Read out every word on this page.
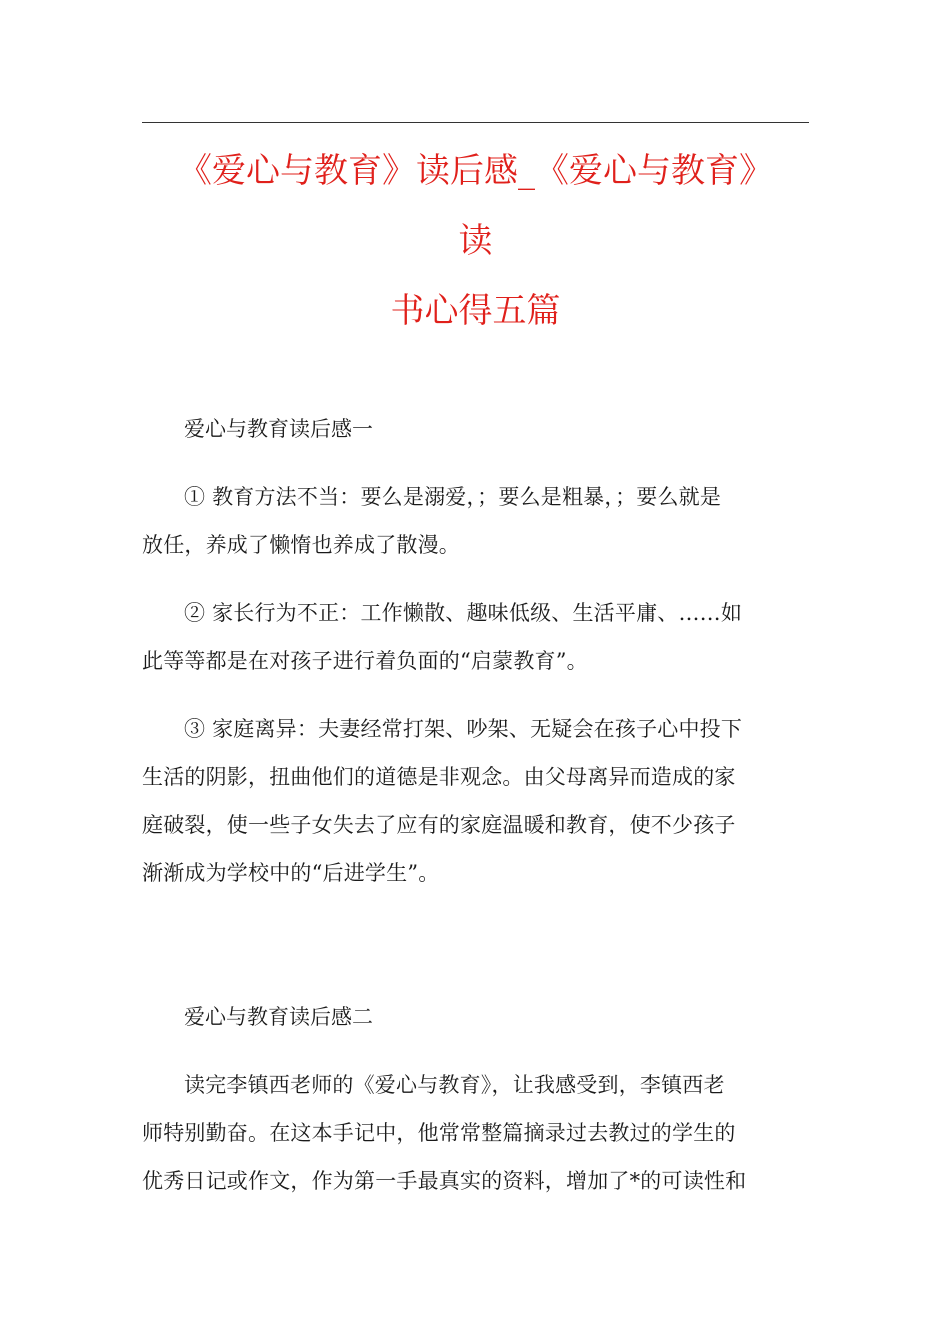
《爱心与教育》读后感_《爱心与教育》
读
书心得五篇

爱心与教育读后感一

① 教育方法不当：要么是溺爱，；要么是粗暴，；要么就是
放任，养成了懒惰也养成了散漫。

② 家长行为不正：工作懒散、趣味低级、生活平庸、……如
此等等都是在对孩子进行着负面的“启蒙教育”。

③ 家庭离异：夫妻经常打架、吵架、无疑会在孩子心中投下
生活的阴影，扭曲他们的道德是非观念。由父母离异而造成的家
庭破裂，使一些子女失去了应有的家庭温暖和教育，使不少孩子
渐渐成为学校中的“后进学生”。

爱心与教育读后感二

读完李镇西老师的《爱心与教育》，让我感受到，李镇西老
师特别勤奋。在这本手记中，他常常整篇摘录过去教过的学生的
优秀日记或作文，作为第一手最真实的资料，增加了*的可读性和
